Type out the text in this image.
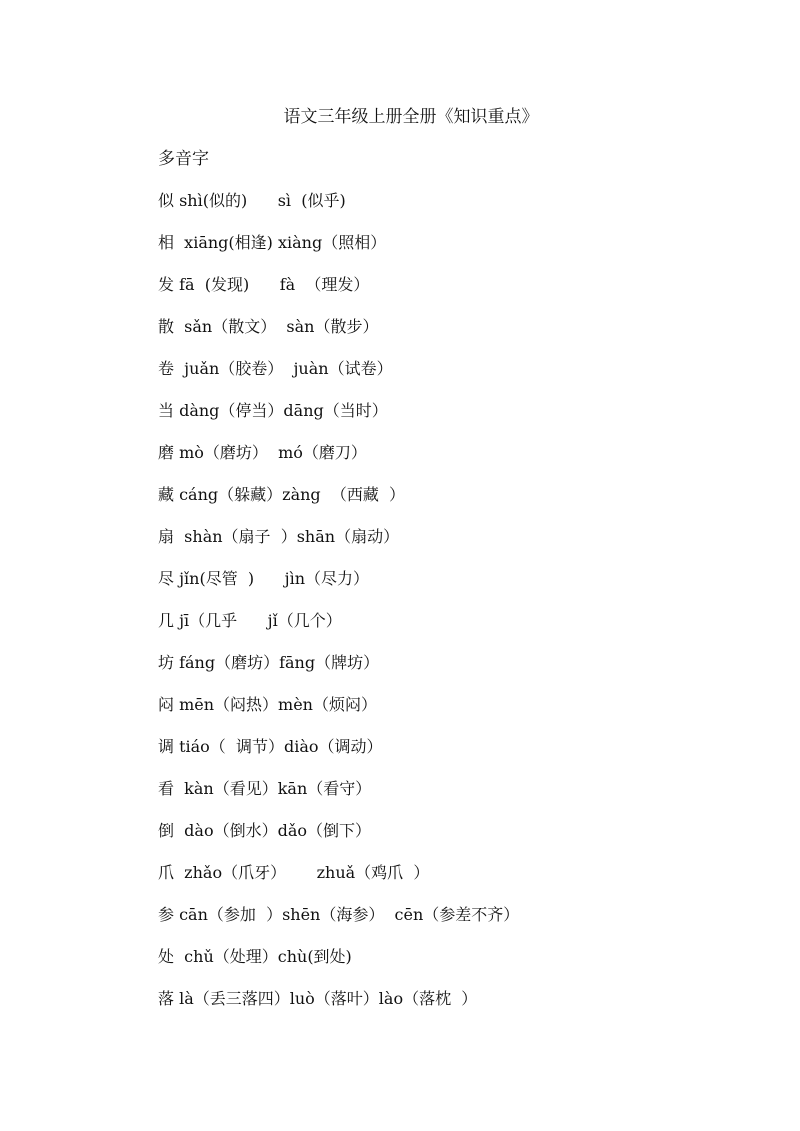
语文三年级上册全册《知识重点》
多音字
似 shì(似的)      sì  (似乎)
相  xiāng(相逢) xiàng（照相）
发 fā  (发现)      fà  （理发）
散  sǎn（散文）  sàn（散步）
卷  juǎn（胶卷）  juàn（试卷）
当 dàng（停当）dāng（当时）
磨 mò（磨坊）  mó（磨刀）
藏 cáng（躲藏）zàng  （西藏  ）
扇  shàn（扇子  ）shān（扇动）
尽 jǐn(尽管  )      jìn（尽力）
几 jī（几乎      jǐ（几个）
坊 fáng（磨坊）fāng（牌坊）
闷 mēn（闷热）mèn（烦闷）
调 tiáo（  调节）diào（调动）
看  kàn（看见）kān（看守）
倒  dào（倒水）dǎo（倒下）
爪  zhǎo（爪牙）      zhuǎ（鸡爪  ）
参 cān（参加  ）shēn（海参）  cēn（参差不齐）
处  chǔ（处理）chù(到处)
落 là（丢三落四）luò（落叶）lào（落枕  ）
